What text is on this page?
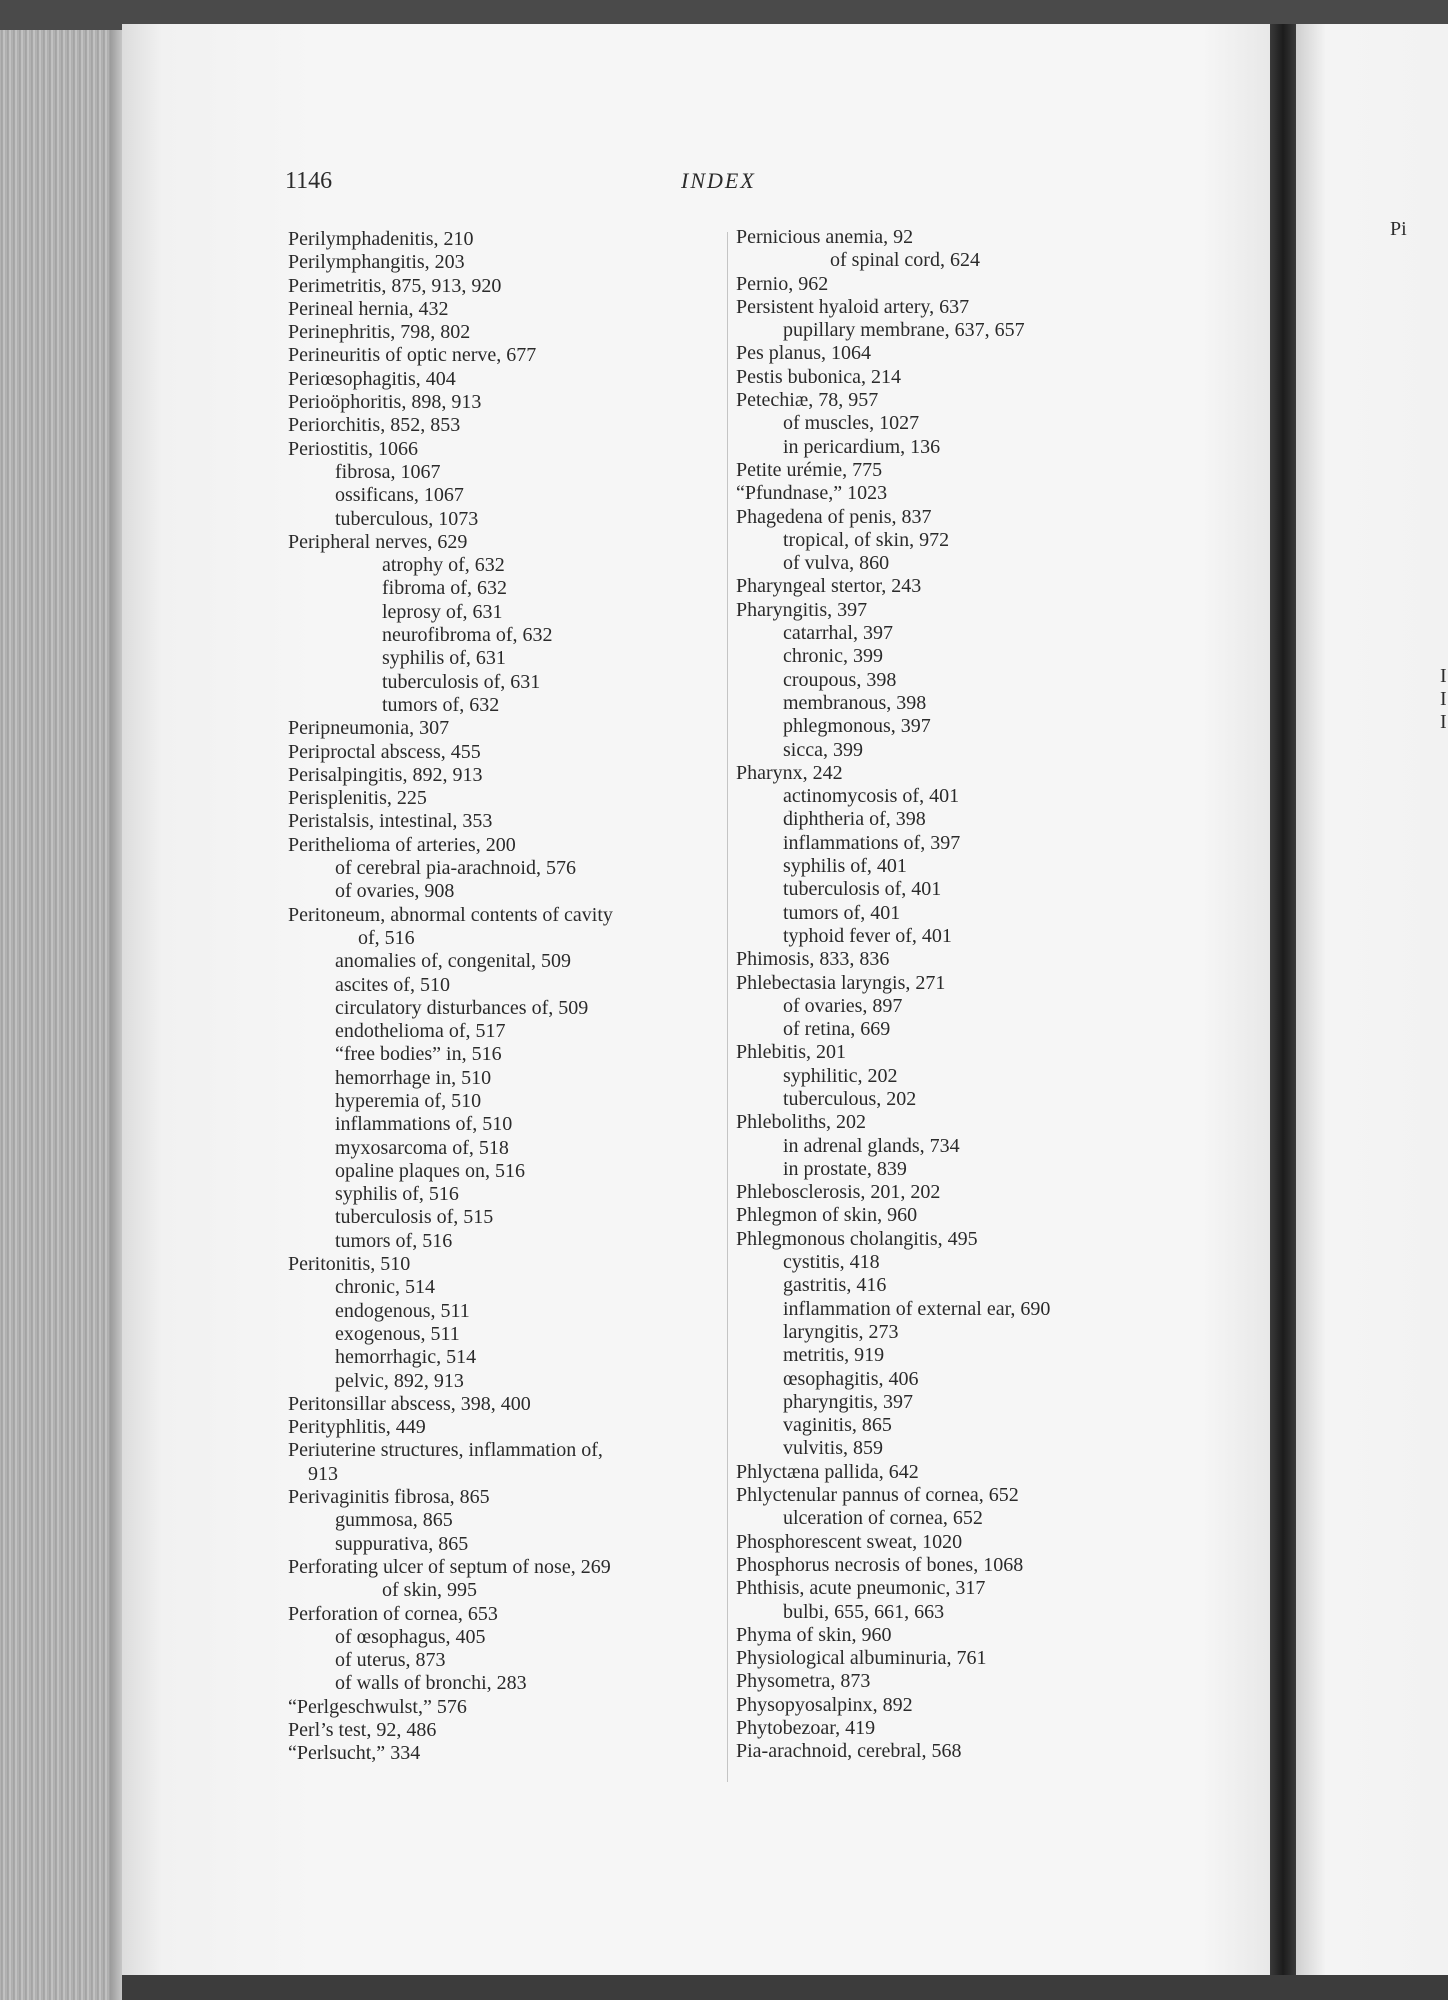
Pi
I
I
I
1146	INDEX
Perilymphadenitis, 210
Perilymphangitis, 203
Perimetritis, 875, 913, 920
Perineal hernia, 432
Perinephritis, 798, 802
Perineuritis of optic nerve, 677
Periœsophagitis, 404
Perioöphoritis, 898, 913
Periorchitis, 852, 853
Periostitis, 1066
fibrosa, 1067
ossificans, 1067
tuberculous, 1073
Peripheral nerves, 629
atrophy of, 632
fibroma of, 632
leprosy of, 631
neurofibroma of, 632
syphilis of, 631
tuberculosis of, 631
tumors of, 632
Peripneumonia, 307
Periproctal abscess, 455
Perisalpingitis, 892, 913
Perisplenitis, 225
Peristalsis, intestinal, 353
Perithelioma of arteries, 200
of cerebral pia-arachnoid, 576
of ovaries, 908
Peritoneum, abnormal contents of cavity
of, 516
anomalies of, congenital, 509
ascites of, 510
circulatory disturbances of, 509
endothelioma of, 517
“free bodies” in, 516
hemorrhage in, 510
hyperemia of, 510
inflammations of, 510
myxosarcoma of, 518
opaline plaques on, 516
syphilis of, 516
tuberculosis of, 515
tumors of, 516
Peritonitis, 510
chronic, 514
endogenous, 511
exogenous, 511
hemorrhagic, 514
pelvic, 892, 913
Peritonsillar abscess, 398, 400
Perityphlitis, 449
Periuterine structures, inflammation of,
913
Perivaginitis fibrosa, 865
gummosa, 865
suppurativa, 865
Perforating ulcer of septum of nose, 269
of skin, 995
Perforation of cornea, 653
of œsophagus, 405
of uterus, 873
of walls of bronchi, 283
“Perlgeschwulst,” 576
Perl’s test, 92, 486
“Perlsucht,” 334
Pernicious anemia, 92
of spinal cord, 624
Pernio, 962
Persistent hyaloid artery, 637
pupillary membrane, 637, 657
Pes planus, 1064
Pestis bubonica, 214
Petechiæ, 78, 957
of muscles, 1027
in pericardium, 136
Petite urémie, 775
“Pfundnase,” 1023
Phagedena of penis, 837
tropical, of skin, 972
of vulva, 860
Pharyngeal stertor, 243
Pharyngitis, 397
catarrhal, 397
chronic, 399
croupous, 398
membranous, 398
phlegmonous, 397
sicca, 399
Pharynx, 242
actinomycosis of, 401
diphtheria of, 398
inflammations of, 397
syphilis of, 401
tuberculosis of, 401
tumors of, 401
typhoid fever of, 401
Phimosis, 833, 836
Phlebectasia laryngis, 271
of ovaries, 897
of retina, 669
Phlebitis, 201
syphilitic, 202
tuberculous, 202
Phleboliths, 202
in adrenal glands, 734
in prostate, 839
Phlebosclerosis, 201, 202
Phlegmon of skin, 960
Phlegmonous cholangitis, 495
cystitis, 418
gastritis, 416
inflammation of external ear, 690
laryngitis, 273
metritis, 919
œsophagitis, 406
pharyngitis, 397
vaginitis, 865
vulvitis, 859
Phlyctæna pallida, 642
Phlyctenular pannus of cornea, 652
ulceration of cornea, 652
Phosphorescent sweat, 1020
Phosphorus necrosis of bones, 1068
Phthisis, acute pneumonic, 317
bulbi, 655, 661, 663
Phyma of skin, 960
Physiological albuminuria, 761
Physometra, 873
Physopyosalpinx, 892
Phytobezoar, 419
Pia-arachnoid, cerebral, 568
